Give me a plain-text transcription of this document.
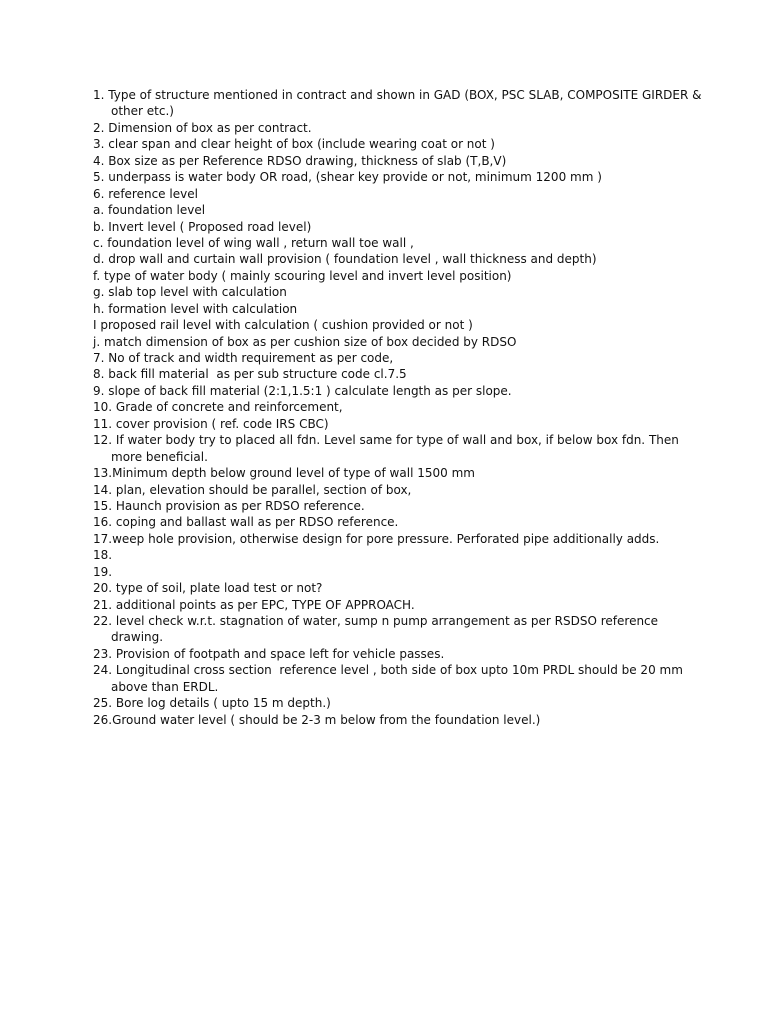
1. Type of structure mentioned in contract and shown in GAD (BOX, PSC SLAB, COMPOSITE GIRDER &
other etc.)
2. Dimension of box as per contract.
3. clear span and clear height of box (include wearing coat or not )
4. Box size as per Reference RDSO drawing, thickness of slab (T,B,V)
5. underpass is water body OR road, (shear key provide or not, minimum 1200 mm )
6. reference level
a. foundation level
b. Invert level ( Proposed road level)
c. foundation level of wing wall , return wall toe wall ,
d. drop wall and curtain wall provision ( foundation level , wall thickness and depth)
f. type of water body ( mainly scouring level and invert level position)
g. slab top level with calculation
h. formation level with calculation
I proposed rail level with calculation ( cushion provided or not )
j. match dimension of box as per cushion size of box decided by RDSO
7. No of track and width requirement as per code,
8. back fill material  as per sub structure code cl.7.5
9. slope of back fill material (2:1,1.5:1 ) calculate length as per slope.
10. Grade of concrete and reinforcement,
11. cover provision ( ref. code IRS CBC)
12. If water body try to placed all fdn. Level same for type of wall and box, if below box fdn. Then
more beneficial.
13.Minimum depth below ground level of type of wall 1500 mm
14. plan, elevation should be parallel, section of box,
15. Haunch provision as per RDSO reference.
16. coping and ballast wall as per RDSO reference.
17.weep hole provision, otherwise design for pore pressure. Perforated pipe additionally adds.
18.
19.
20. type of soil, plate load test or not?
21. additional points as per EPC, TYPE OF APPROACH.
22. level check w.r.t. stagnation of water, sump n pump arrangement as per RSDSO reference
drawing.
23. Provision of footpath and space left for vehicle passes.
24. Longitudinal cross section  reference level , both side of box upto 10m PRDL should be 20 mm
above than ERDL.
25. Bore log details ( upto 15 m depth.)
26.Ground water level ( should be 2-3 m below from the foundation level.)
